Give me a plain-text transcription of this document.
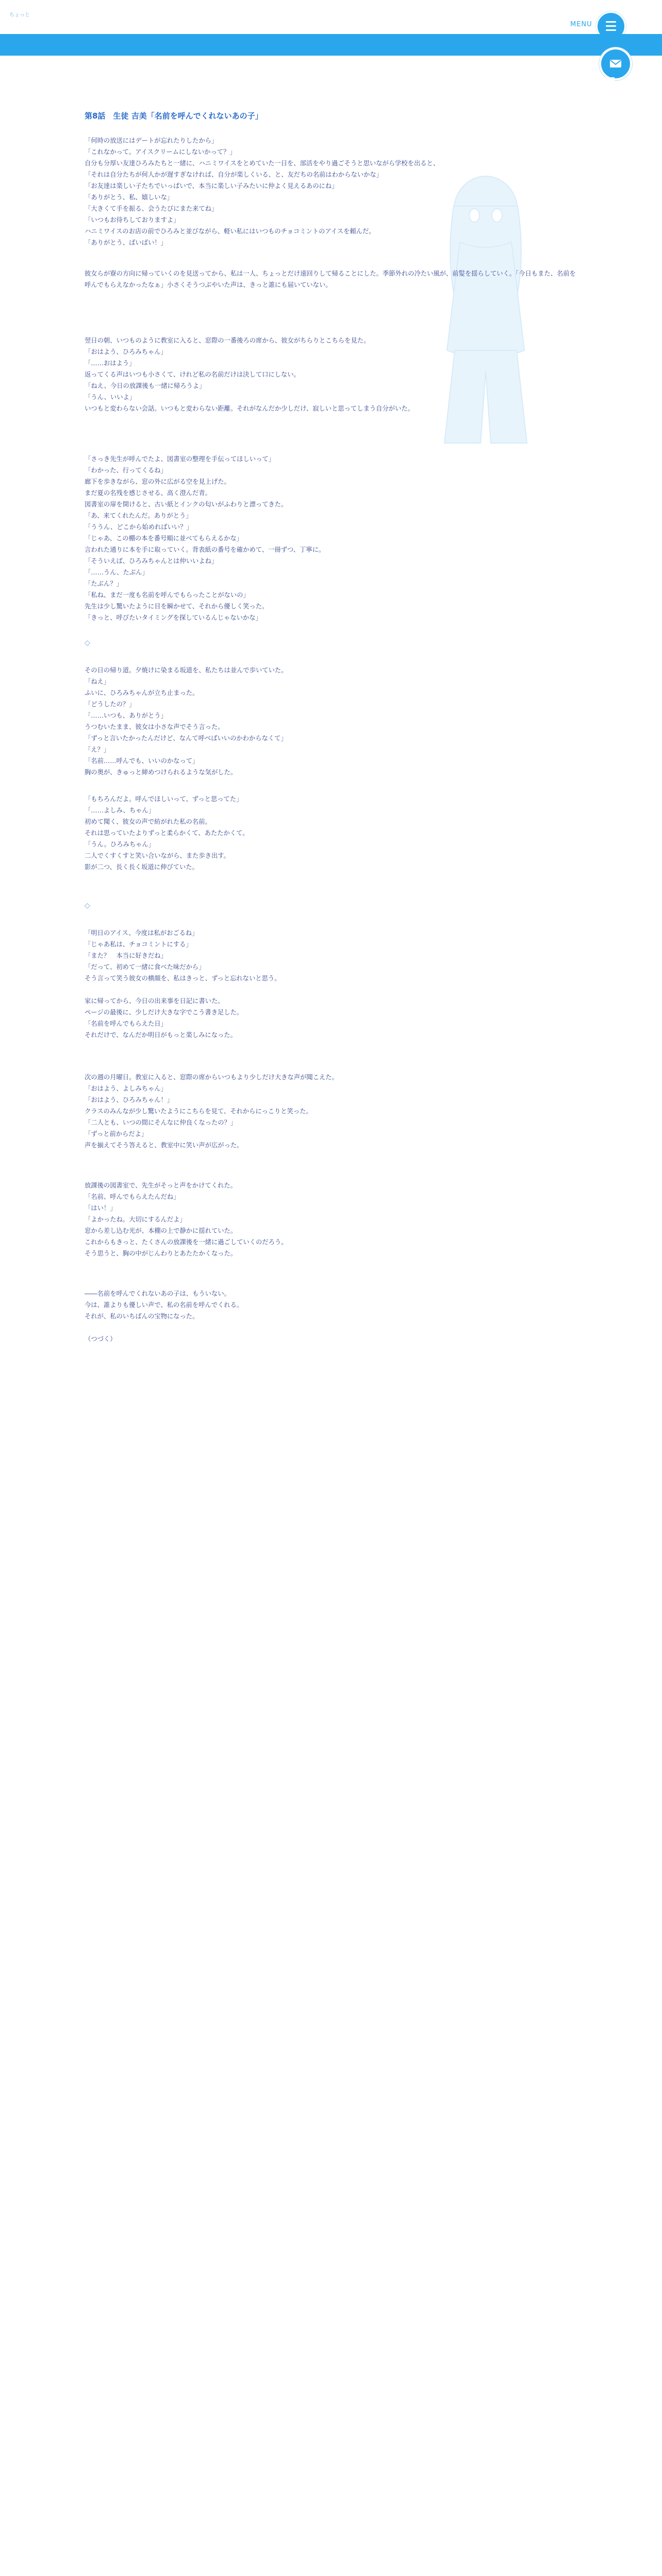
ちょっと
MENU
第8話　生徒 吉美「名前を呼んでくれないあの子」
「何時の放送にはデートが忘れたりしたから」
「これなかって。アイスクリームにしないかって？」
自分も分厚い友達ひろみたちと一緒に、ハニミワイスをとめていた一日を、部活をやり過ごそうと思いながら学校を出ると、
「それは自分たちが何人かが遅すぎなければ、自分が楽しくいる、と、友だちの名前はわからないかな」
「お友達は楽しい子たちでいっぱいで、本当に楽しい子みたいに仲よく見えるあのにね」
「ありがとう、私、嬉しいな」
「大きくて手を振る、会うたびにまた来てね」
「いつもお待ちしておりますよ」
ハニミワイスのお店の前でひろみと並びながら、軽い私にはいつものチョコミントのアイスを頼んだ。
「ありがとう、ばいばい！」
彼女らが寮の方向に帰っていくのを見送ってから、私は一人、ちょっとだけ遠回りして帰ることにした。季節外れの冷たい風が、前髪を揺らしていく。「今日もまた、名前を呼んでもらえなかったなぁ」小さくそうつぶやいた声は、きっと誰にも届いていない。
翌日の朝、いつものように教室に入ると、窓際の一番後ろの席から、彼女がちらりとこちらを見た。
「おはよう、ひろみちゃん」
「……おはよう」
返ってくる声はいつも小さくて、けれど私の名前だけは決して口にしない。
「ねえ、今日の放課後も一緒に帰ろうよ」
「うん、いいよ」
いつもと変わらない会話。いつもと変わらない距離。それがなんだか少しだけ、寂しいと思ってしまう自分がいた。
「さっき先生が呼んでたよ、図書室の整理を手伝ってほしいって」
「わかった、行ってくるね」
廊下を歩きながら、窓の外に広がる空を見上げた。
まだ夏の名残を感じさせる、高く澄んだ青。
図書室の扉を開けると、古い紙とインクの匂いがふわりと漂ってきた。
「あ、来てくれたんだ。ありがとう」
「ううん、どこから始めればいい？」
「じゃあ、この棚の本を番号順に並べてもらえるかな」
言われた通りに本を手に取っていく。背表紙の番号を確かめて、一冊ずつ、丁寧に。
「そういえば、ひろみちゃんとは仲いいよね」
「……うん、たぶん」
「たぶん？」
「私ね、まだ一度も名前を呼んでもらったことがないの」
先生は少し驚いたように目を瞬かせて、それから優しく笑った。
「きっと、呼びたいタイミングを探しているんじゃないかな」
◇
その日の帰り道。夕焼けに染まる坂道を、私たちは並んで歩いていた。
「ねえ」
ふいに、ひろみちゃんが立ち止まった。
「どうしたの？」
「……いつも、ありがとう」
うつむいたまま、彼女は小さな声でそう言った。
「ずっと言いたかったんだけど、なんて呼べばいいのかわからなくて」
「え？」
「名前……呼んでも、いいのかなって」
胸の奥が、きゅっと締めつけられるような気がした。
「もちろんだよ。呼んでほしいって、ずっと思ってた」
「……よしみ、ちゃん」
初めて聞く、彼女の声で紡がれた私の名前。
それは思っていたよりずっと柔らかくて、あたたかくて。
「うん。ひろみちゃん」
二人でくすくすと笑い合いながら、また歩き出す。
影が二つ、長く長く坂道に伸びていた。
◇
「明日のアイス、今度は私がおごるね」
「じゃあ私は、チョコミントにする」
「また？　本当に好きだね」
「だって、初めて一緒に食べた味だから」
そう言って笑う彼女の横顔を、私はきっと、ずっと忘れないと思う。

家に帰ってから、今日の出来事を日記に書いた。
ページの最後に、少しだけ大きな字でこう書き足した。
「名前を呼んでもらえた日」
それだけで、なんだか明日がもっと楽しみになった。
次の週の月曜日。教室に入ると、窓際の席からいつもより少しだけ大きな声が聞こえた。
「おはよう、よしみちゃん」
「おはよう、ひろみちゃん！」
クラスのみんなが少し驚いたようにこちらを見て、それからにっこりと笑った。
「二人とも、いつの間にそんなに仲良くなったの？」
「ずっと前からだよ」
声を揃えてそう答えると、教室中に笑い声が広がった。
放課後の図書室で、先生がそっと声をかけてくれた。
「名前、呼んでもらえたんだね」
「はい！」
「よかったね。大切にするんだよ」
窓から差し込む光が、本棚の上で静かに揺れていた。
これからもきっと、たくさんの放課後を一緒に過ごしていくのだろう。
そう思うと、胸の中がじんわりとあたたかくなった。
――名前を呼んでくれないあの子は、もういない。
今は、誰よりも優しい声で、私の名前を呼んでくれる。
それが、私のいちばんの宝物になった。

（つづく）
